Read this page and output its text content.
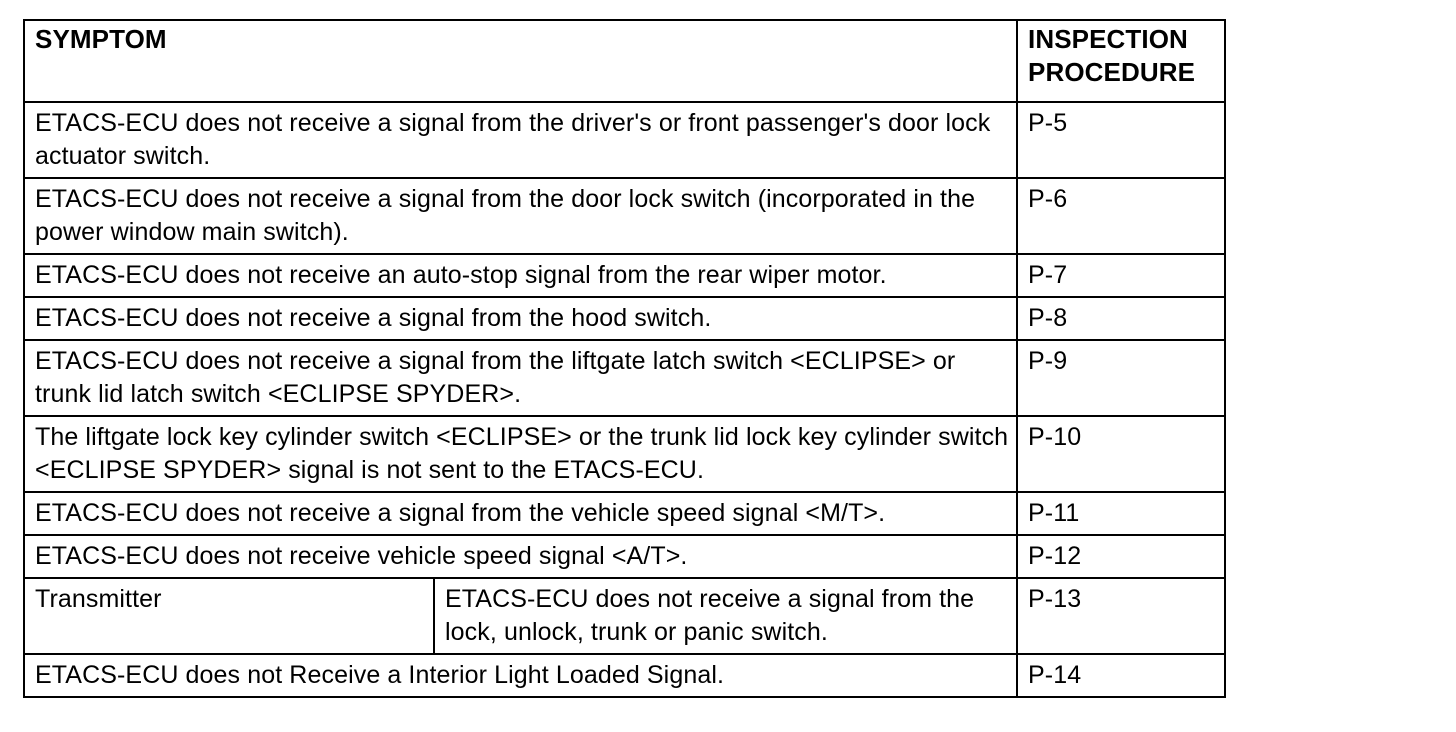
SYMPTOM		INSPECTION PROCEDURE
ETACS-ECU does not receive a signal from the driver's or front passenger's door lock actuator switch.		P-5
ETACS-ECU does not receive a signal from the door lock switch (incorporated in the power window main switch).		P-6
ETACS-ECU does not receive an auto-stop signal from the rear wiper motor.		P-7
ETACS-ECU does not receive a signal from the hood switch.		P-8
ETACS-ECU does not receive a signal from the liftgate latch switch <ECLIPSE> or trunk lid latch switch <ECLIPSE SPYDER>.		P-9
The liftgate lock key cylinder switch <ECLIPSE> or the trunk lid lock key cylinder switch <ECLIPSE SPYDER> signal is not sent to the ETACS-ECU.		P-10
ETACS-ECU does not receive a signal from the vehicle speed signal <M/T>.		P-11
ETACS-ECU does not receive vehicle speed signal <A/T>.		P-12
Transmitter	ETACS-ECU does not receive a signal from the lock, unlock, trunk or panic switch.	P-13
ETACS-ECU does not Receive a Interior Light Loaded Signal.		P-14
